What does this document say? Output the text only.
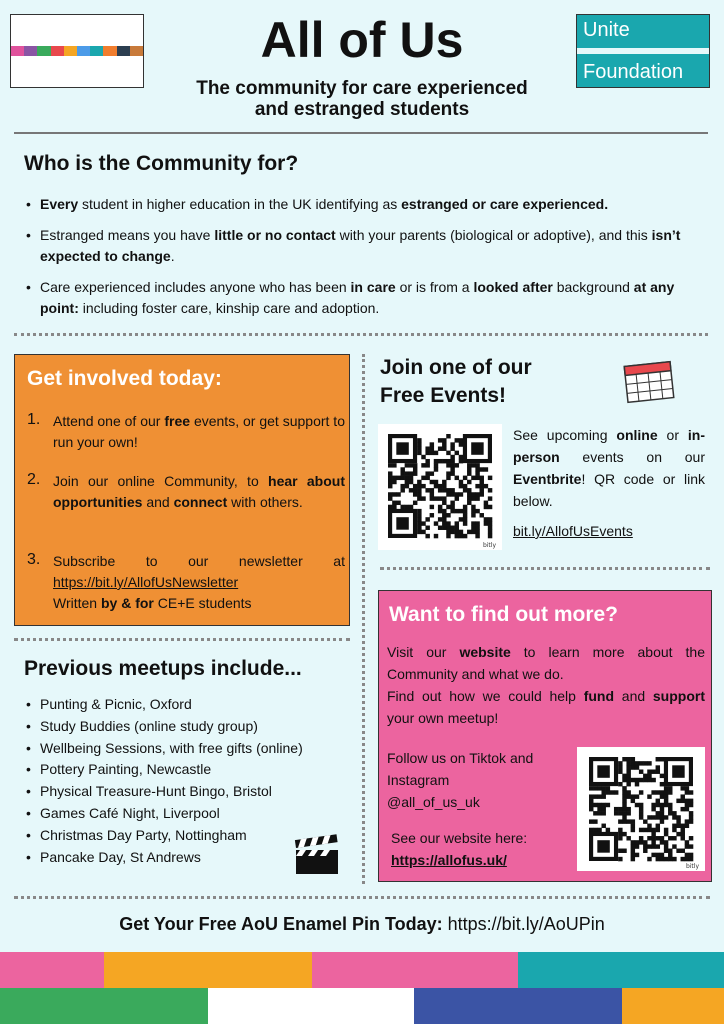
All of Us
The community for care experienced
and estranged students
Unite
Foundation
Who is the Community for?
• Every student in higher education in the UK identifying as estranged or care experienced.
• Estranged means you have little or no contact with your parents (biological or adoptive), and this isn’t expected to change.
• Care experienced includes anyone who has been in care or is from a looked after background at any point: including foster care, kinship care and adoption.
Get involved today:
1. Attend one of our free events, or get support to run your own!
2. Join our online Community, to hear about opportunities and connect with others.
3. Subscribe to our newsletter at https://bit.ly/AllofUsNewsletter
Written by & for CE+E students
Previous meetups include...
• Punting & Picnic, Oxford
• Study Buddies (online study group)
• Wellbeing Sessions, with free gifts (online)
• Pottery Painting, Newcastle
• Physical Treasure-Hunt Bingo, Bristol
• Games Café Night, Liverpool
• Christmas Day Party, Nottingham
• Pancake Day, St Andrews
Join one of our
Free Events!
bitly
See upcoming online or in-person events on our Eventbrite! QR code or link below.
bit.ly/AllofUsEvents
Want to find out more?
Visit our website to learn more about the Community and what we do.
Find out how we could help fund and support your own meetup!
Follow us on Tiktok and Instagram
@all_of_us_uk
See our website here:
https://allofus.uk/	bitly
Get Your Free AoU Enamel Pin Today: https://bit.ly/AoUPin
